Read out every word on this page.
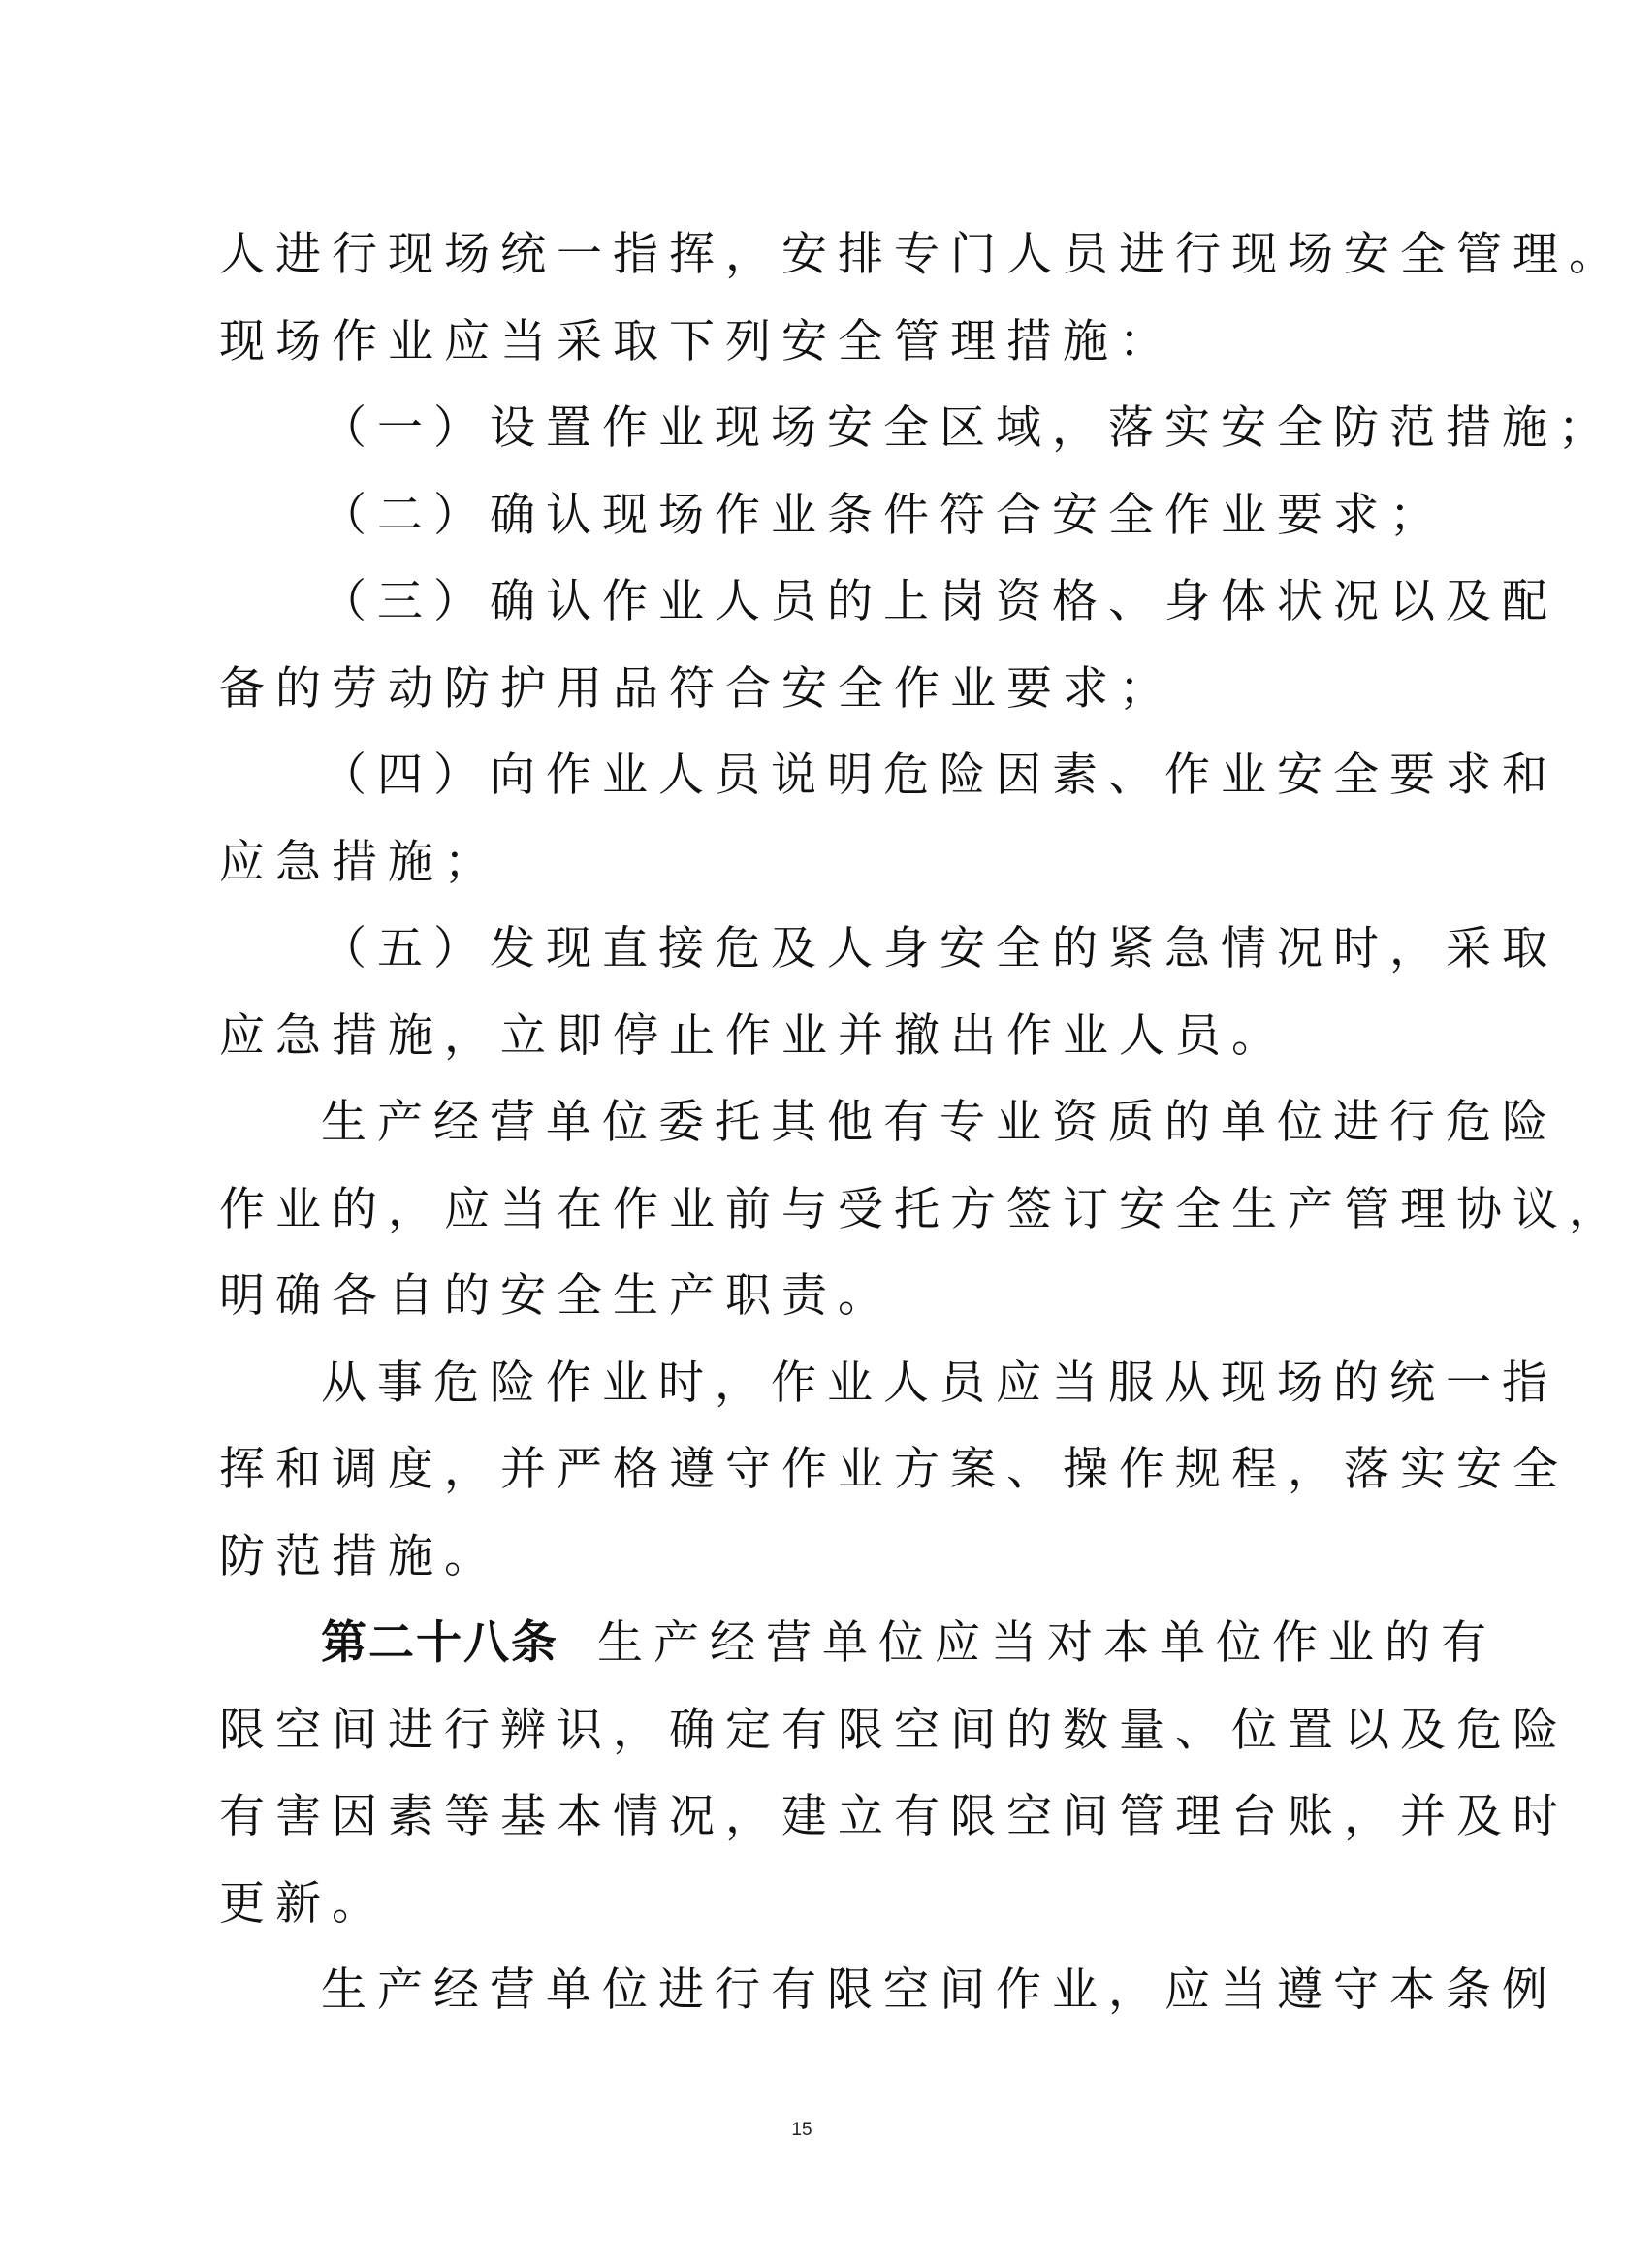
人进行现场统一指挥，安排专门人员进行现场安全管理。
现场作业应当采取下列安全管理措施：
（一）设置作业现场安全区域，落实安全防范措施；
（二）确认现场作业条件符合安全作业要求；
（三）确认作业人员的上岗资格、身体状况以及配
备的劳动防护用品符合安全作业要求；
（四）向作业人员说明危险因素、作业安全要求和
应急措施；
（五）发现直接危及人身安全的紧急情况时，采取
应急措施，立即停止作业并撤出作业人员。
生产经营单位委托其他有专业资质的单位进行危险
作业的，应当在作业前与受托方签订安全生产管理协议，
明确各自的安全生产职责。
从事危险作业时，作业人员应当服从现场的统一指
挥和调度，并严格遵守作业方案、操作规程，落实安全
防范措施。
第二十八条 生产经营单位应当对本单位作业的有
限空间进行辨识，确定有限空间的数量、位置以及危险
有害因素等基本情况，建立有限空间管理台账，并及时
更新。
生产经营单位进行有限空间作业，应当遵守本条例
15
